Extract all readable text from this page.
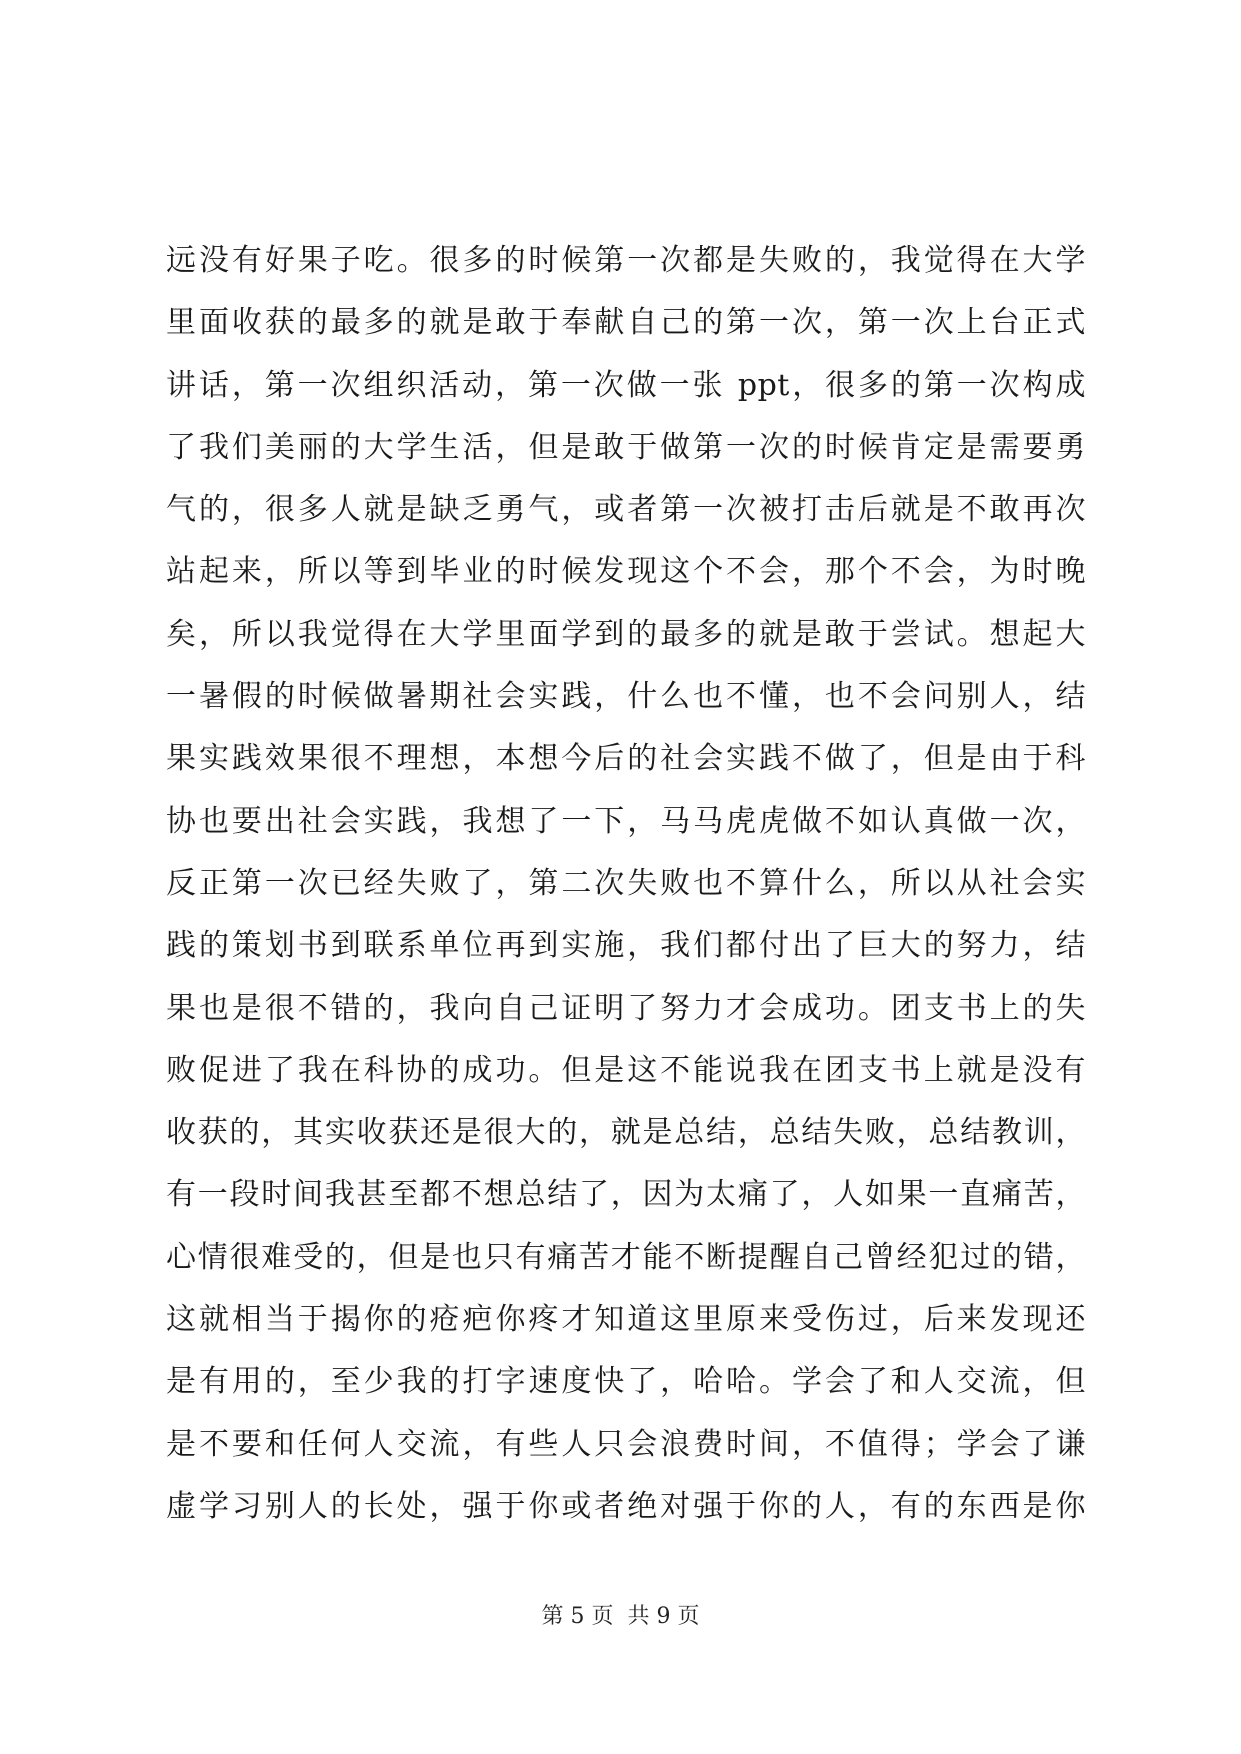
远没有好果子吃。很多的时候第一次都是失败的，我觉得在大学
里面收获的最多的就是敢于奉献自己的第一次，第一次上台正式
讲话，第一次组织活动，第一次做一张 ppt，很多的第一次构成
了我们美丽的大学生活，但是敢于做第一次的时候肯定是需要勇
气的，很多人就是缺乏勇气，或者第一次被打击后就是不敢再次
站起来，所以等到毕业的时候发现这个不会，那个不会，为时晚
矣，所以我觉得在大学里面学到的最多的就是敢于尝试。想起大
一暑假的时候做暑期社会实践，什么也不懂，也不会问别人，结
果实践效果很不理想，本想今后的社会实践不做了，但是由于科
协也要出社会实践，我想了一下，马马虎虎做不如认真做一次，
反正第一次已经失败了，第二次失败也不算什么，所以从社会实
践的策划书到联系单位再到实施，我们都付出了巨大的努力，结
果也是很不错的，我向自己证明了努力才会成功。团支书上的失
败促进了我在科协的成功。但是这不能说我在团支书上就是没有
收获的，其实收获还是很大的，就是总结，总结失败，总结教训，
有一段时间我甚至都不想总结了，因为太痛了，人如果一直痛苦，
心情很难受的，但是也只有痛苦才能不断提醒自己曾经犯过的错，
这就相当于揭你的疮疤你疼才知道这里原来受伤过，后来发现还
是有用的，至少我的打字速度快了，哈哈。学会了和人交流，但
是不要和任何人交流，有些人只会浪费时间，不值得；学会了谦
虚学习别人的长处，强于你或者绝对强于你的人，有的东西是你
第 5 页  共 9 页
